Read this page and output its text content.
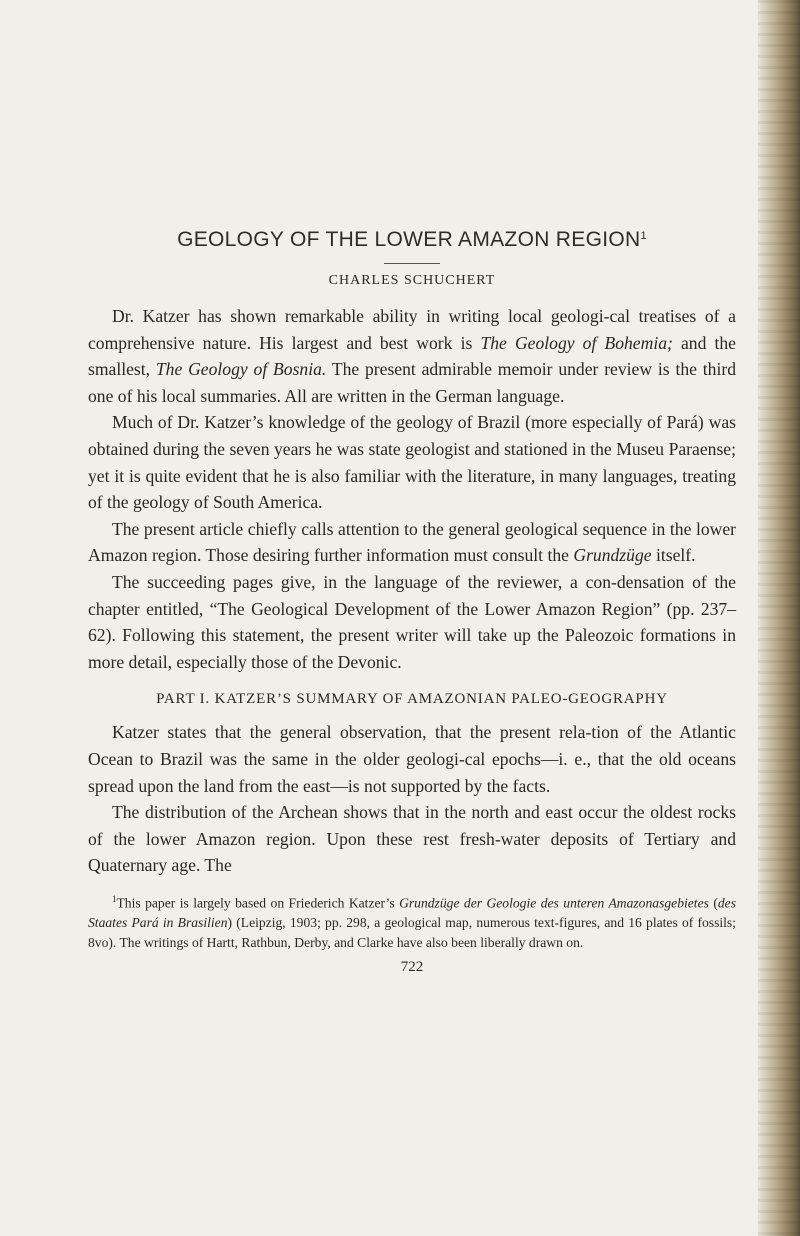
GEOLOGY OF THE LOWER AMAZON REGION$^1$

CHARLES SCHUCHERT

Dr. Katzer has shown remarkable ability in writing local geologi-cal treatises of a comprehensive nature. His largest and best work is The Geology of Bohemia; and the smallest, The Geology of Bosnia. The present admirable memoir under review is the third one of his local summaries. All are written in the German language.

Much of Dr. Katzer’s knowledge of the geology of Brazil (more especially of Pará) was obtained during the seven years he was state geologist and stationed in the Museu Paraense; yet it is quite evident that he is also familiar with the literature, in many languages, treating of the geology of South America.

The present article chiefly calls attention to the general geological sequence in the lower Amazon region. Those desiring further information must consult the Grundzüge itself.

The succeeding pages give, in the language of the reviewer, a con-densation of the chapter entitled, “The Geological Development of the Lower Amazon Region” (pp. 237–62). Following this statement, the present writer will take up the Paleozoic formations in more detail, especially those of the Devonic.

PART I. KATZER’S SUMMARY OF AMAZONIAN PALEO-GEOGRAPHY

Katzer states that the general observation, that the present rela-tion of the Atlantic Ocean to Brazil was the same in the older geologi-cal epochs—i. e., that the old oceans spread upon the land from the east—is not supported by the facts.

The distribution of the Archean shows that in the north and east occur the oldest rocks of the lower Amazon region. Upon these rest fresh-water deposits of Tertiary and Quaternary age. The

$^1$This paper is largely based on Friederich Katzer’s Grundzüge der Geologie des unteren Amazonasgebietes (des Staates Pará in Brasilien) (Leipzig, 1903; pp. 298, a geological map, numerous text-figures, and 16 plates of fossils; 8vo). The writings of Hartt, Rathbun, Derby, and Clarke have also been liberally drawn on.

722
